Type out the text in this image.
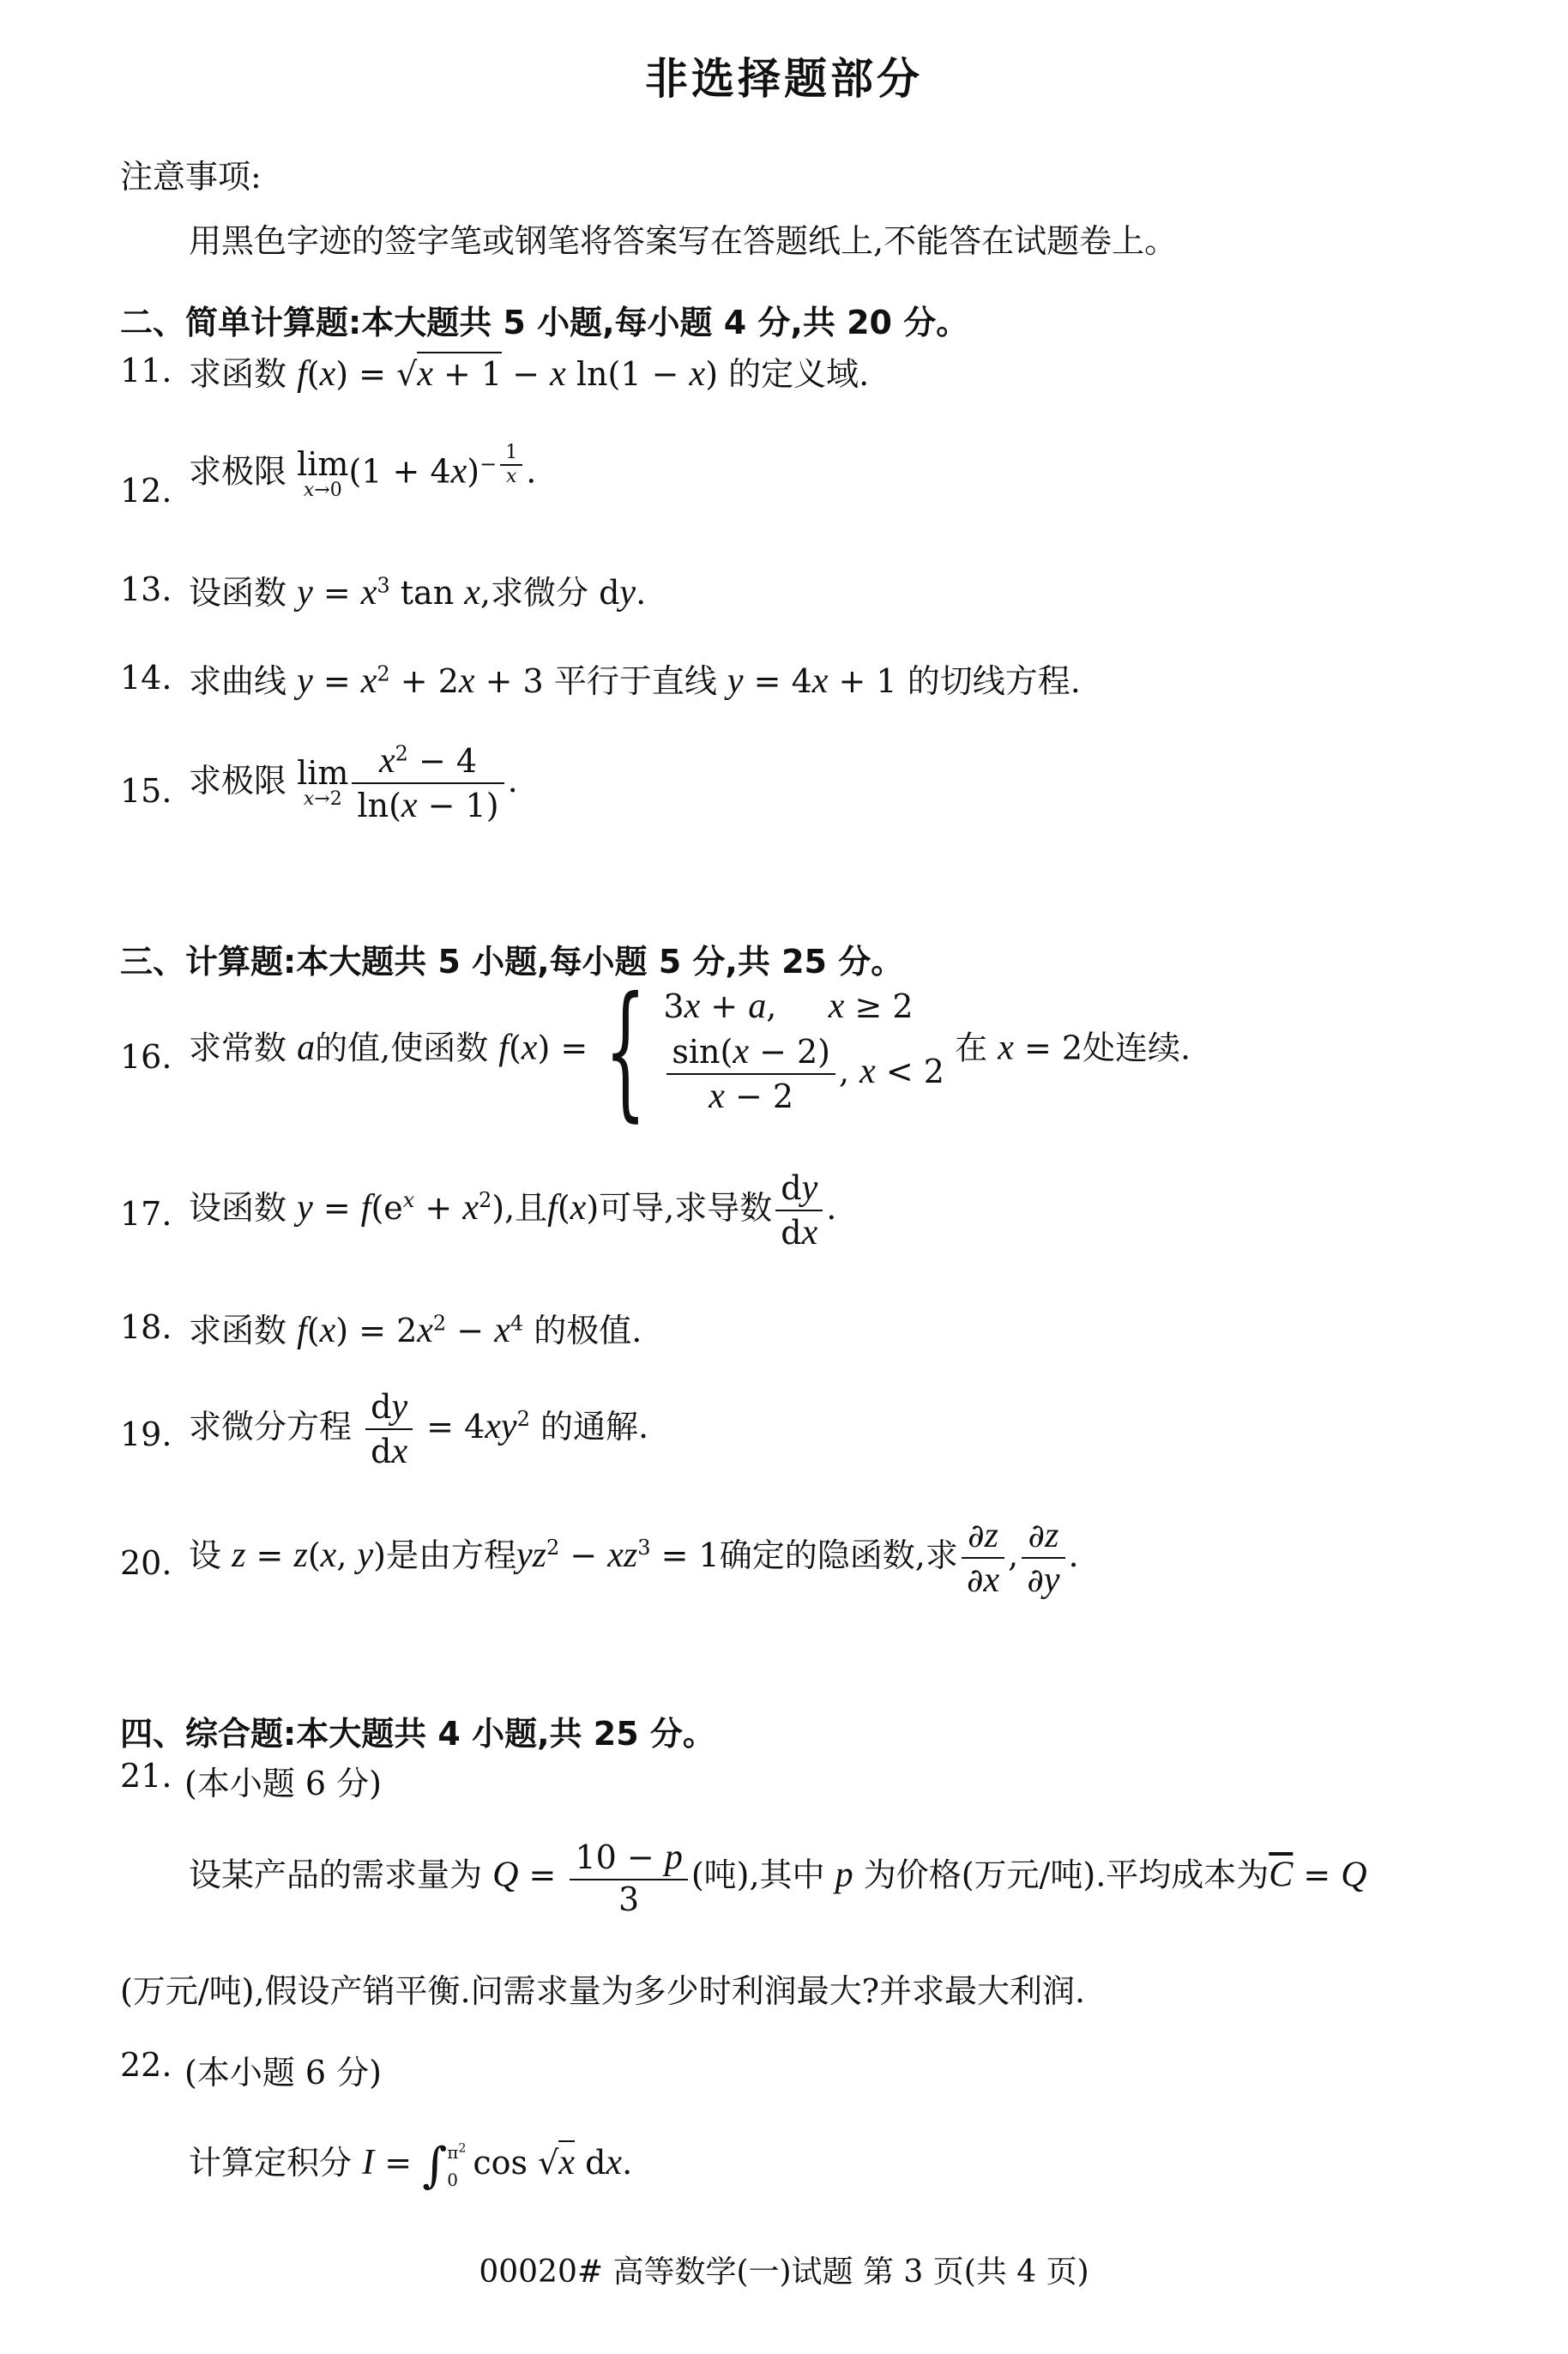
非选择题部分
注意事项:
用黑色字迹的签字笔或钢笔将答案写在答题纸上,不能答在试题卷上。
二、简单计算题:本大题共 5 小题,每小题 4 分,共 20 分。
11. 求函数 f(x) = √x + 1 − x ln(1 − x) 的定义域.
12.
求极限 lim
x→0 $(1 + 4x)^{- \frac{1}{x}}$ .
13. 设函数 $y = x^3$ tan x,求微分 dy.
14. 求曲线 $y = x^2 + 2x + 3$ 平行于直线 y = 4x + 1 的切线方程.
15. 求极限 lim
$x\to 2 \frac{x^2 - 4}{\ln(x - 1)}$ .
三、计算题:本大题共 5 小题,每小题 5 分,共 25 分。
16. 求常数 a的值,使函数 f(x) = { 3x + a,     x ≥ 2
$\frac{\sin(x - 2)}{x - 2}$ , x < 2
在 x = 2处连续.
17. 设函数 $y = f(e^x + x^2)$,且f(x)可导,求导数 $\frac{dy}{dx}$ .
18. 求函数 $f(x) = 2x^2 - x^4$ 的极值.
19. 求微分方程 $\frac{dy}{dx} = 4xy^2$ 的通解.
20. 设 z = z(x, y)是由方程$yz^2 - xz^3 = 1$确定的隐函数,求 $\frac{\partial z}{\partial x}$ , $\frac{\partial z}{\partial y}$ .
四、综合题:本大题共 4 小题,共 25 分。
21. (本小题 6 分)
设某产品的需求量为 $Q = \frac{10 - p}{3}$ (吨),其中 p 为价格(万元/吨).平均成本为$\overline{C} = Q$
(万元/吨),假设产销平衡.问需求量为多少时利润最大?并求最大利润.
22. (本小题 6 分)
计算定积分 I = ∫ $\pi^2$
0 cos √x dx.
00020# 高等数学(一)试题 第 3 页(共 4 页)
